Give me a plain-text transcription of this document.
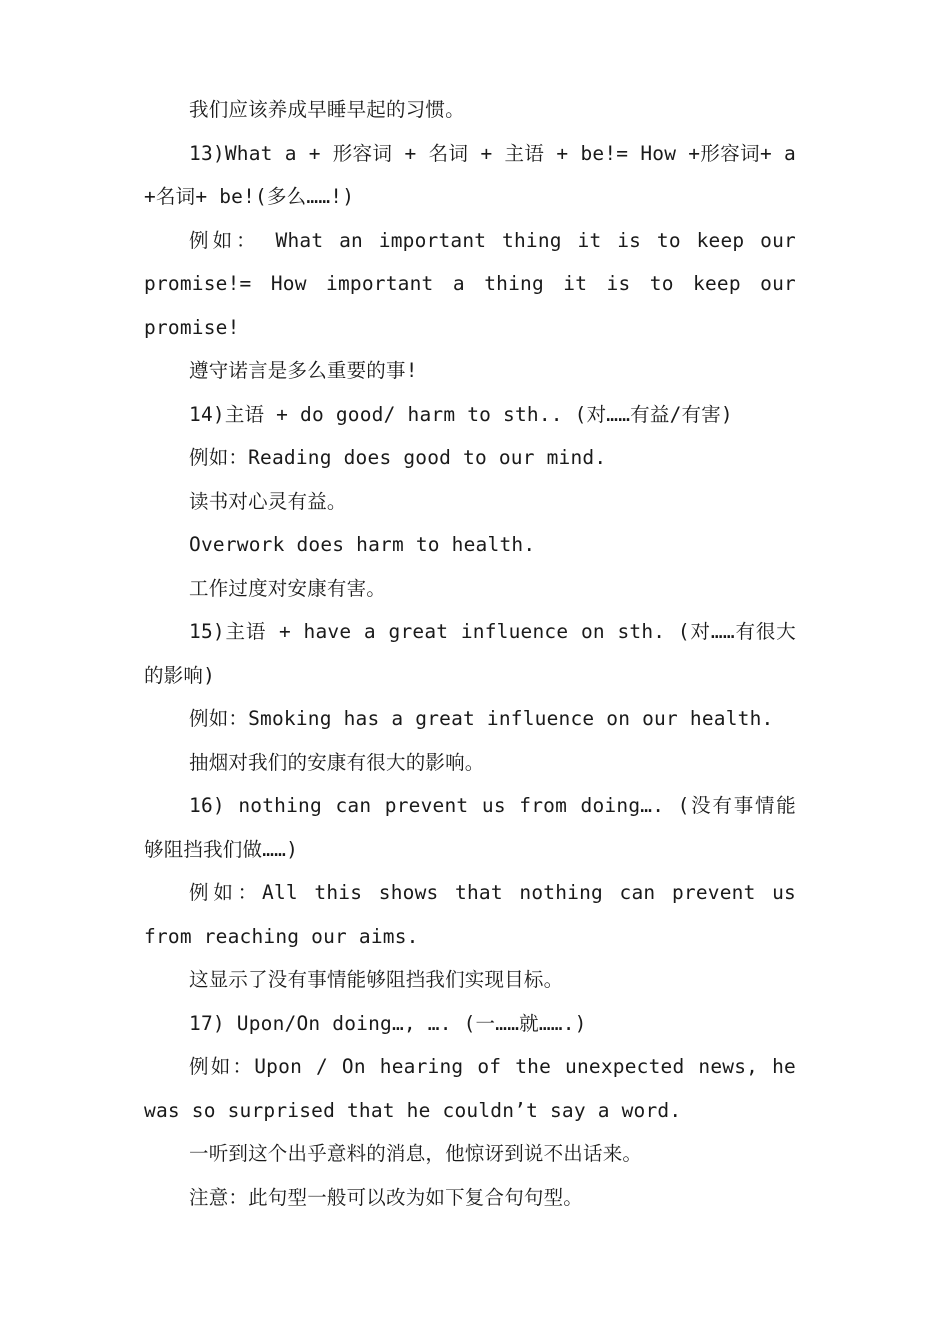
我们应该养成早睡早起的习惯。

13)What a + 形容词 + 名词 + 主语 + be!= How +形容词+ a +名词+ be!(多么……!)

例如： What an important thing it is to keep our promise!= How important a thing it is to keep our promise!

遵守诺言是多么重要的事!

14)主语 + do good/ harm to sth.. (对……有益/有害)

例如：Reading does good to our mind.

读书对心灵有益。

Overwork does harm to health.

工作过度对安康有害。

15)主语 + have a great influence on sth. (对……有很大的影响)

例如：Smoking has a great influence on our health.

抽烟对我们的安康有很大的影响。

16) nothing can prevent us from doing…. (没有事情能够阻挡我们做……)

例如：All this shows that nothing can prevent us from reaching our aims.

这显示了没有事情能够阻挡我们实现目标。

17) Upon/On doing…, …. (一……就…….)

例如：Upon / On hearing of the unexpected news, he was so surprised that he couldn’t say a word.

一听到这个出乎意料的消息，他惊讶到说不出话来。

注意：此句型一般可以改为如下复合句句型。
